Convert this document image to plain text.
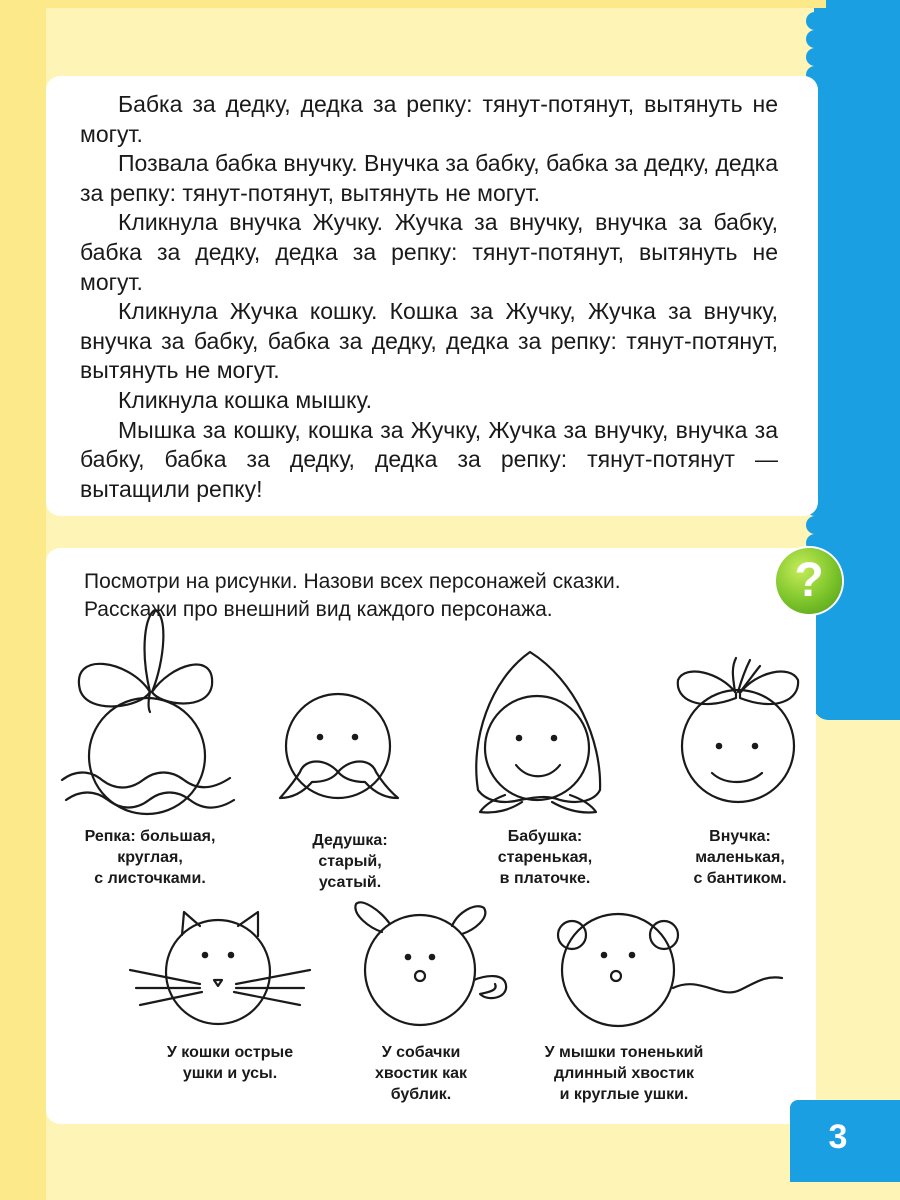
Бабка за дедку, дедка за репку: тянут-потянут, вытянуть не могут.

Позвала бабка внучку. Внучка за бабку, бабка за дедку, дедка за репку: тянут-потянут, вытянуть не могут.

Кликнула внучка Жучку. Жучка за внучку, внучка за бабку, бабка за дедку, дедка за репку: тянут-потянут, вытянуть не могут.

Кликнула Жучка кошку. Кошка за Жучку, Жучка за внучку, внучка за бабку, бабка за дедку, дедка за репку: тянут-потянут, вытянуть не могут.

Кликнула кошка мышку.

Мышка за кошку, кошка за Жучку, Жучка за внучку, внучка за бабку, бабка за дедку, дедка за репку: тянут-потянут — вытащили репку!

?
Посмотри на рисунки. Назови всех персонажей сказки.
Расскажи про внешний вид каждого персонажа.
Репка: большая,
круглая,
с листочками.
Дедушка:
старый,
усатый.
Бабушка:
старенькая,
в платочке.
Внучка:
маленькая,
с бантиком.
У кошки острые
ушки и усы.
У собачки
хвостик как
бублик.
У мышки тоненький
длинный хвостик
и круглые ушки.
3
